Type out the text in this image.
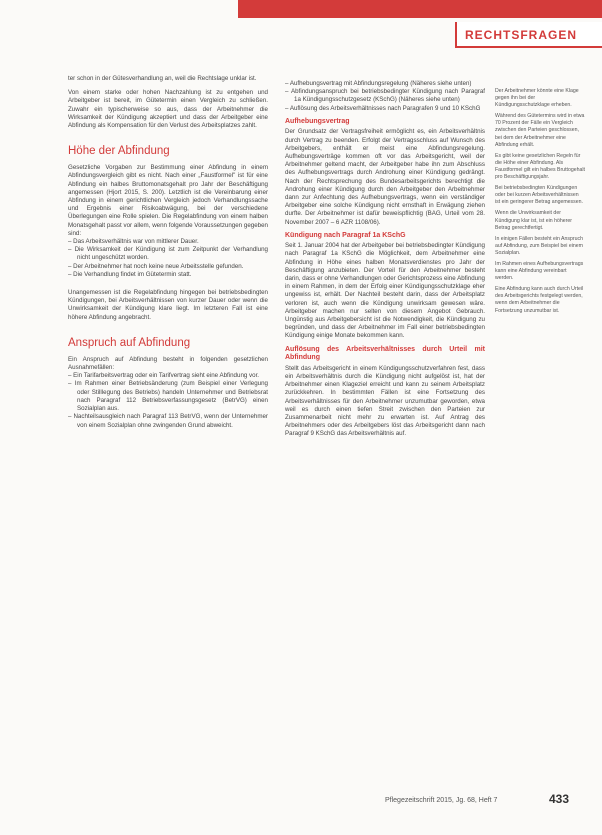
RECHTSFRAGEN

ter schon in der Gütesverhandlung an, weil die Rechtslage unklar ist.

Von einem starke oder hohen Nachzahlung ist zu entgehen und Arbeitgeber ist bereit, im Gütetermin einen Vergleich zu schließen. Zuwahr ein typischerweise so aus, dass der Arbeitnehmer die Wirksamkeit der Kündigung akzeptiert und dass der Arbeitgeber eine Abfindung als Kompensation für den Verlust des Arbeitsplatzes zahlt.

Höhe der Abfindung

Gesetzliche Vorgaben zur Bestimmung einer Abfindung in einem Abfindungsvergleich gibt es nicht. Nach einer „Faustformel" ist für eine Abfindung ein halbes Bruttomonatsgehalt pro Jahr der Beschäftigung angemessen (Hjort 2015, S. 200). Letztlich ist die Vereinbarung einer Abfindung in einem gerichtlichen Vergleich jedoch Verhandlungssache und Ergebnis einer Risikoabwägung, bei der verschiedene Überlegungen eine Rolle spielen. Die Regelabfindung von einem halben Monatsgehalt passt vor allem, wenn folgende Voraussetzungen gegeben sind:

– Das Arbeitsverhältnis war von mittlerer Dauer.
– Die Wirksamkeit der Kündigung ist zum Zeitpunkt der Verhandlung nicht ungeschützt worden.
– Der Arbeitnehmer hat noch keine neue Arbeitsstelle gefunden.
– Die Verhandlung findet im Gütetermin statt.

Unangemessen ist die Regelabfindung hingegen bei betriebsbedingten Kündigungen, bei Arbeitsverhältnissen von kurzer Dauer oder wenn die Unwirksamkeit der Kündigung klare liegt. Im letzteren Fall ist eine höhere Abfindung angebracht.

Anspruch auf Abfindung

Ein Anspruch auf Abfindung besteht in folgenden gesetzlichen Ausnahmefällen:

– Ein Tarifarbeitsvertrag oder ein Tarifvertrag sieht eine Abfindung vor.
– Im Rahmen einer Betriebsänderung (zum Beispiel einer Verlegung oder Stilllegung des Betriebs) handeln Unternehmer und Betriebsrat nach Paragraf 112 Betriebsverfassungsgesetz (BetrVG) einen Sozialplan aus.
– Nachteilsausgleich nach Paragraf 113 BetrVG, wenn der Unternehmer von einem Sozialplan ohne zwingenden Grund abweicht.
– Aufhebungsvertrag mit Abfindungsregelung (Näheres siehe unten)
– Abfindungsanspruch bei betriebsbedingter Kündigung nach Paragraf 1a Kündigungsschutzgesetz (KSchG) (Näheres siehe unten)
– Auflösung des Arbeitsverhältnisses nach Paragrafen 9 und 10 KSchG
Aufhebungsvertrag

Der Grundsatz der Vertragsfreiheit ermöglicht es, ein Arbeitsverhältnis durch Vertrag zu beenden. Erfolgt der Vertragsschluss auf Wunsch des Arbeitgebers, enthält er meist eine Abfindungsregelung. Aufhebungsverträge kommen oft vor das Arbeitsgericht, weil der Arbeitnehmer geltend macht, der Arbeitgeber habe ihn zum Abschluss des Aufhebungsvertrags durch Androhung einer Kündigung gedrängt. Nach der Rechtsprechung des Bundesarbeitsgerichts berechtigt die Androhung einer Kündigung durch den Arbeitgeber den Arbeitnehmer dann zur Anfechtung des Aufhebungsvertrags, wenn ein verständiger Arbeitgeber eine solche Kündigung nicht ernsthaft in Erwägung ziehen durfte. Der Arbeitnehmer ist dafür beweispflichtig (BAG, Urteil vom 28. November 2007 – 6 AZR 1108/06).

Kündigung nach Paragraf 1a KSchG

Seit 1. Januar 2004 hat der Arbeitgeber bei betriebsbedingter Kündigung nach Paragraf 1a KSchG die Möglichkeit, dem Arbeitnehmer eine Abfindung in Höhe eines halben Monatsverdienstes pro Jahr der Beschäftigung anzubieten. Der Vorteil für den Arbeitnehmer besteht darin, dass er ohne Verhandlungen oder Gerichtsprozess eine Abfindung in einem Rahmen, in dem der Erfolg einer Kündigungsschutzklage eher ungewiss ist, erhält. Der Nachteil besteht darin, dass der Arbeitsplatz verloren ist, auch wenn die Kündigung unwirksam gewesen wäre. Arbeitgeber machen nur selten von diesem Angebot Gebrauch. Ungünstig aus Arbeitgebersicht ist die Notwendigkeit, die Kündigung zu begründen, und dass der Arbeitnehmer im Fall einer betriebsbedingten Kündigung einige Monate bekommen kann.

Auflösung des Arbeitsverhältnisses durch Urteil mit Abfindung

Stellt das Arbeitsgericht in einem Kündigungsschutzverfahren fest, dass ein Arbeitsverhältnis durch die Kündigung nicht aufgelöst ist, hat der Arbeitnehmer einen Klageziel erreicht und kann zu seinem Arbeitsplatz zurückkehren. In bestimmten Fällen ist eine Fortsetzung des Arbeitsverhältnisses für den Arbeitnehmer unzumutbar geworden, etwa weil es durch einen tiefen Streit zwischen den Parteien zur Zusammenarbeit nicht mehr zu erwarten ist. Auf Antrag des Arbeitnehmers oder des Arbeitgebers löst das Arbeitsgericht dann nach Paragraf 9 KSchG das Arbeitsverhältnis auf.

Der Arbeitnehmer könnte eine Klage gegen ihn bei der Kündigungsschutzklage erheben.

Während des Gütetermins wird in etwa 70 Prozent der Fälle ein Vergleich zwischen den Parteien geschlossen, bei dem der Arbeitnehmer eine Abfindung erhält.

Es gibt keine gesetzlichen Regeln für die Höhe einer Abfindung. Als Faustformel gilt ein halbes Bruttogehalt pro Beschäftigungsjahr.

Bei betriebsbedingten Kündigungen oder bei kurzen Arbeitsverhältnissen ist ein geringerer Betrag angemessen.

Wenn die Unwirksamkeit der Kündigung klar ist, ist ein höherer Betrag gerechtfertigt.

In einigen Fällen besteht ein Anspruch auf Abfindung, zum Beispiel bei einem Sozialplan.

Im Rahmen eines Aufhebungsvertrags kann eine Abfindung vereinbart werden.

Eine Abfindung kann auch durch Urteil des Arbeitsgerichts festgelegt werden, wenn dem Arbeitnehmer die Fortsetzung unzumutbar ist.

Pflegezeitschrift 2015, Jg. 68, Heft 7	433
